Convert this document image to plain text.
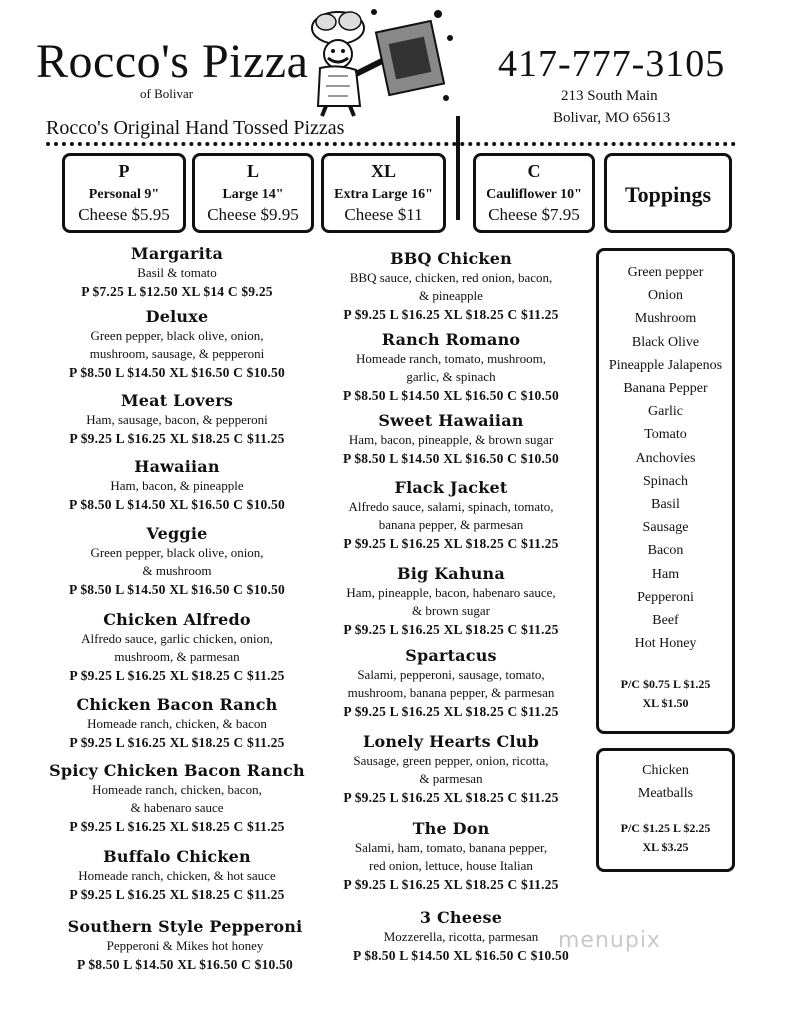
Rocco's Pizza
of Bolivar
417-777-3105
213 South Main
Bolivar, MO 65613
Rocco's Original Hand Tossed Pizzas
P
Personal 9"
Cheese $5.95
L
Large 14"
Cheese $9.95
XL
Extra Large 16"
Cheese $11
C
Cauliflower 10"
Cheese $7.95
Toppings
Margarita
Basil & tomato
P $7.25 L $12.50 XL $14 C $9.25
Deluxe
Green pepper, black olive, onion,
mushroom, sausage, & pepperoni
P $8.50 L $14.50 XL $16.50 C $10.50
Meat Lovers
Ham, sausage, bacon, & pepperoni
P $9.25 L $16.25 XL $18.25 C $11.25
Hawaiian
Ham, bacon, & pineapple
P $8.50 L $14.50 XL $16.50 C $10.50
Veggie
Green pepper, black olive, onion,
& mushroom
P $8.50 L $14.50 XL $16.50 C $10.50
Chicken Alfredo
Alfredo sauce, garlic chicken, onion,
mushroom, & parmesan
P $9.25 L $16.25 XL $18.25 C $11.25
Chicken Bacon Ranch
Homeade ranch, chicken, & bacon
P $9.25 L $16.25 XL $18.25 C $11.25
Spicy Chicken Bacon Ranch
Homeade ranch, chicken, bacon,
& habenaro sauce
P $9.25 L $16.25 XL $18.25 C $11.25
Buffalo Chicken
Homeade ranch, chicken, & hot sauce
P $9.25 L $16.25 XL $18.25 C $11.25
Southern Style Pepperoni
Pepperoni & Mikes hot honey
P $8.50 L $14.50 XL $16.50 C $10.50
BBQ Chicken
BBQ sauce, chicken, red onion, bacon,
& pineapple
P $9.25 L $16.25 XL $18.25 C $11.25
Ranch Romano
Homeade ranch, tomato, mushroom,
garlic, & spinach
P $8.50 L $14.50 XL $16.50 C $10.50
Sweet Hawaiian
Ham, bacon, pineapple, & brown sugar
P $8.50 L $14.50 XL $16.50 C $10.50
Flack Jacket
Alfredo sauce, salami, spinach, tomato,
banana pepper, & parmesan
P $9.25 L $16.25 XL $18.25 C $11.25
Big Kahuna
Ham, pineapple, bacon, habenaro sauce,
& brown sugar
P $9.25 L $16.25 XL $18.25 C $11.25
Spartacus
Salami, pepperoni, sausage, tomato,
mushroom, banana pepper, & parmesan
P $9.25 L $16.25 XL $18.25 C $11.25
Lonely Hearts Club
Sausage, green pepper, onion, ricotta,
& parmesan
P $9.25 L $16.25 XL $18.25 C $11.25
The Don
Salami, ham, tomato, banana pepper,
red onion, lettuce, house Italian
P $9.25 L $16.25 XL $18.25 C $11.25
3 Cheese
Mozzerella, ricotta, parmesan
P $8.50 L $14.50 XL $16.50 C $10.50
Green pepper
Onion
Mushroom
Black Olive
Pineapple Jalapenos
Banana Pepper
Garlic
Tomato
Anchovies
Spinach
Basil
Sausage
Bacon
Ham
Pepperoni
Beef
Hot Honey
P/C $0.75 L $1.25
XL $1.50
Chicken
Meatballs
P/C $1.25 L $2.25
XL $3.25
menupix
